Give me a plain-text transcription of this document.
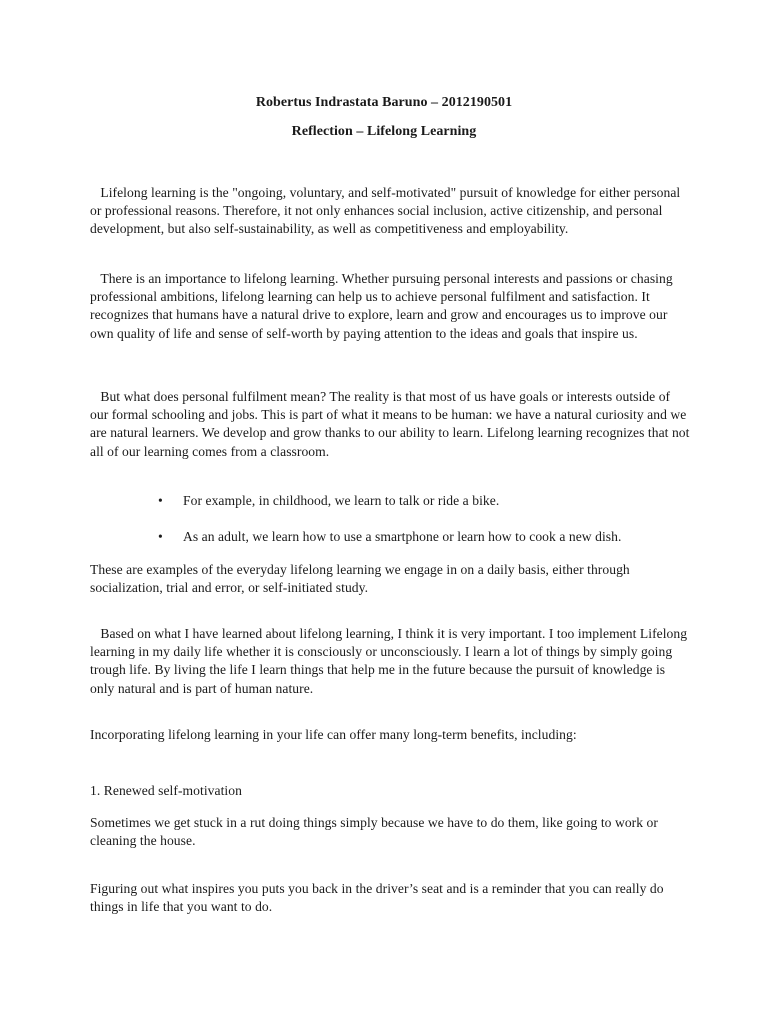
Robertus Indrastata Baruno – 2012190501
Reflection – Lifelong Learning

Lifelong learning is the "ongoing, voluntary, and self-motivated" pursuit of knowledge for either personal or professional reasons. Therefore, it not only enhances social inclusion, active citizenship, and personal development, but also self-sustainability, as well as competitiveness and employability.

There is an importance to lifelong learning. Whether pursuing personal interests and passions or chasing professional ambitions, lifelong learning can help us to achieve personal fulfilment and satisfaction. It recognizes that humans have a natural drive to explore, learn and grow and encourages us to improve our own quality of life and sense of self-worth by paying attention to the ideas and goals that inspire us.

But what does personal fulfilment mean? The reality is that most of us have goals or interests outside of our formal schooling and jobs. This is part of what it means to be human: we have a natural curiosity and we are natural learners. We develop and grow thanks to our ability to learn. Lifelong learning recognizes that not all of our learning comes from a classroom.

•	For example, in childhood, we learn to talk or ride a bike.
•	As an adult, we learn how to use a smartphone or learn how to cook a new dish.

These are examples of the everyday lifelong learning we engage in on a daily basis, either through socialization, trial and error, or self-initiated study.

Based on what I have learned about lifelong learning, I think it is very important. I too implement Lifelong learning in my daily life whether it is consciously or unconsciously. I learn a lot of things by simply going trough life. By living the life I learn things that help me in the future because the pursuit of knowledge is only natural and is part of human nature.

Incorporating lifelong learning in your life can offer many long-term benefits, including:

1. Renewed self-motivation

Sometimes we get stuck in a rut doing things simply because we have to do them, like going to work or cleaning the house.

Figuring out what inspires you puts you back in the driver’s seat and is a reminder that you can really do things in life that you want to do.
